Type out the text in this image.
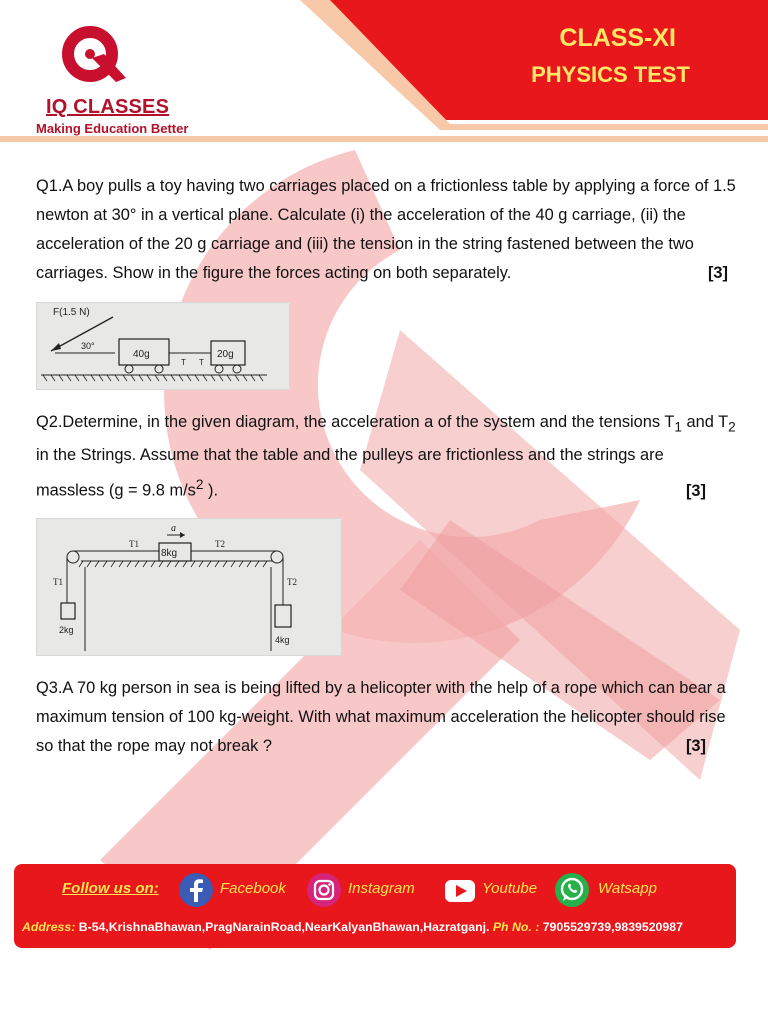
IQ CLASSES
Making Education Better
CLASS-XI
PHYSICS TEST

Q1.A boy pulls a toy having two carriages placed on a frictionless table by applying a force of 1.5 newton at 30° in a vertical plane. Calculate (i) the acceleration of the 40 g carriage, (ii) the acceleration of the 20 g carriage and (iii) the tension in the string fastened between the two carriages. Show in the figure the forces acting on both separately.	[3]

F(1.5 N)
30°
40g	20g
T T

Q2.Determine, in the given diagram, the acceleration a of the system and the tensions $T_1$ and $T_2$ in the Strings. Assume that the table and the pulleys are frictionless and the strings are massless (g = 9.8 $m/s^2$ ).	[3]

a
T1	T2
8kg
T1	T2
2kg
4kg

Q3.A 70 kg person in sea is being lifted by a helicopter with the help of a rope which can bear a maximum tension of 100 kg-weight. With what maximum acceleration the helicopter should rise so that the rope may not break ?	[3]

Follow us on:	Facebook	Instagram	Youtube	Watsapp
Address: B-54,KrishnaBhawan,PragNarainRoad,NearKalyanBhawan,Hazratganj. Ph No. : 7905529739,9839520987
